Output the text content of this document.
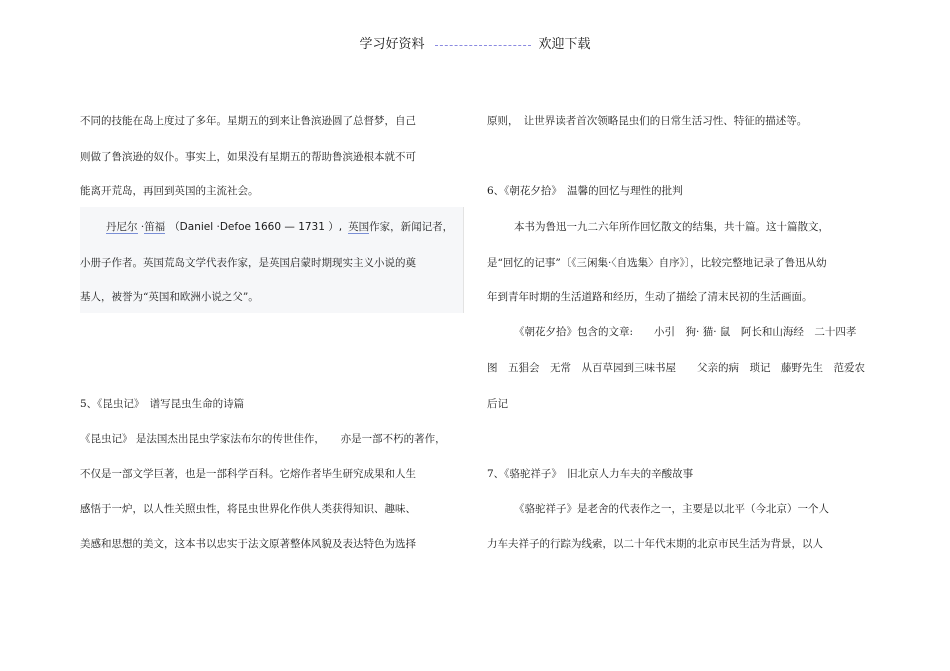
学习好资料	欢迎下载
不同的技能在岛上度过了多年。星期五的到来让鲁滨逊圆了总督梦，自己
则做了鲁滨逊的奴仆。事实上，如果没有星期五的帮助鲁滨逊根本就不可
能离开荒岛，再回到英国的主流社会。
丹尼尔 ·笛福 （Daniel ·Defoe 1660 — 1731 ）, 英国作家，新闻记者，
小册子作者。英国荒岛文学代表作家，是英国启蒙时期现实主义小说的奠
基人，被誉为“英国和欧洲小说之父”。
5、《昆虫记》　谱写昆虫生命的诗篇
《昆虫记》 是法国杰出昆虫学家法布尔的传世佳作，　　亦是一部不朽的著作，
不仅是一部文学巨著，也是一部科学百科。它熔作者毕生研究成果和人生
感悟于一炉，以人性关照虫性，将昆虫世界化作供人类获得知识、趣味、
美感和思想的美文，这本书以忠实于法文原著整体风貌及表达特色为选择
原则，　让世界读者首次领略昆虫们的日常生活习性、特征的描述等。
6、《朝花夕拾》　温馨的回忆与理性的批判
本书为鲁迅一九二六年所作回忆散文的结集，共十篇。这十篇散文，
是“回忆的记事”〔《三闲集·〈自选集〉自序》〕，比较完整地记录了鲁迅从幼
年到青年时期的生活道路和经历，生动了描绘了清末民初的生活画面。
《朝花夕拾》包含的文章:　　小引　狗· 猫· 鼠　阿长和山海经　二十四孝
图　五猖会　无常　从百草园到三味书屋　　父亲的病　琐记　藤野先生　范爱农
后记
7、《骆驼祥子》　旧北京人力车夫的辛酸故事
《骆驼祥子》是老舍的代表作之一，主要是以北平（今北京）一个人
力车夫祥子的行踪为线索，以二十年代末期的北京市民生活为背景，以人
